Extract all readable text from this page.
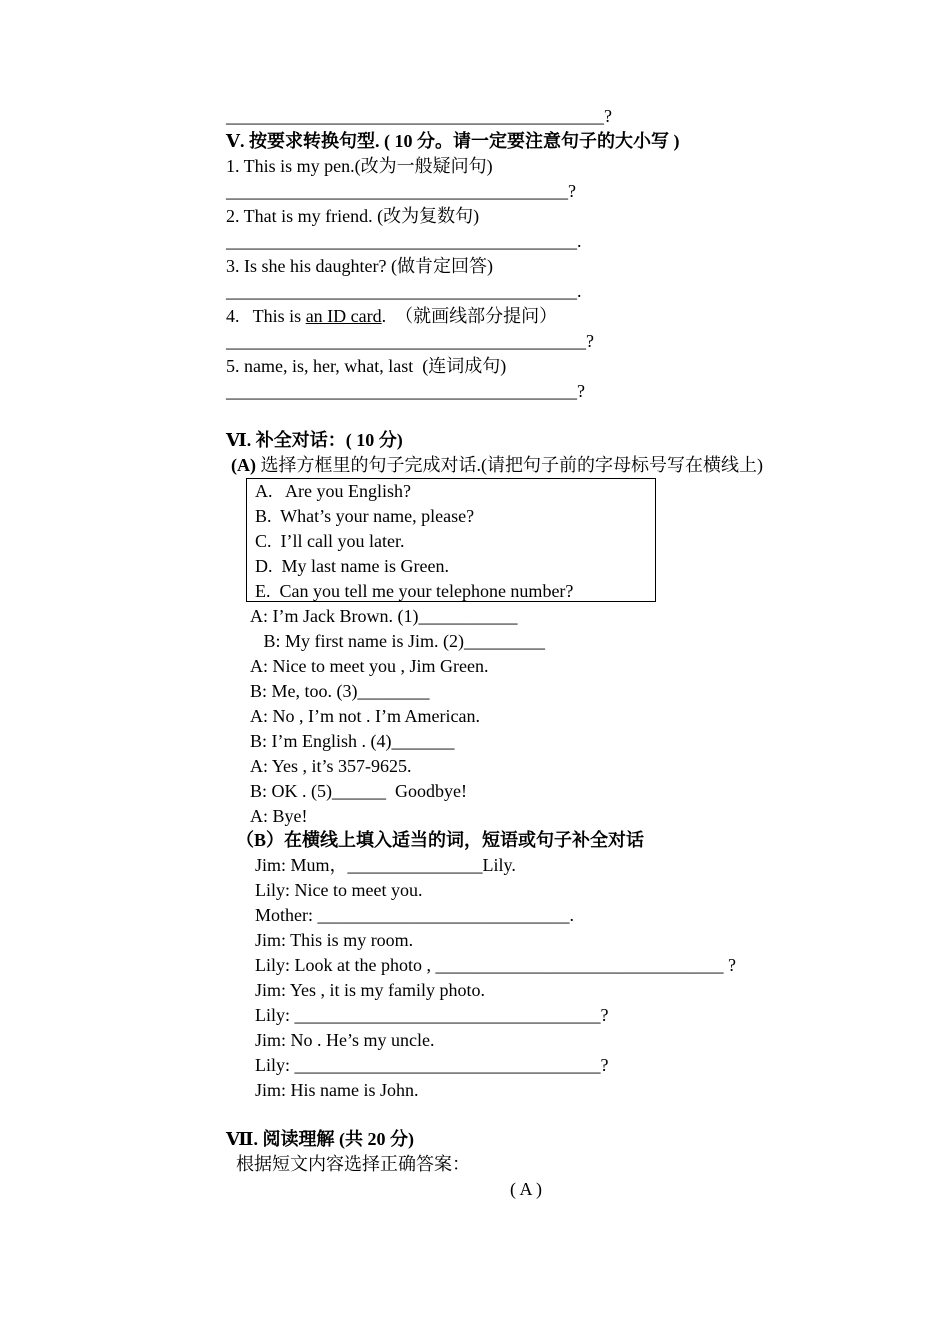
__________________________________________?
Ⅴ. 按要求转换句型. ( 10 分。请一定要注意句子的大小写 )
1. This is my pen.(改为一般疑问句)
______________________________________?
2. That is my friend. (改为复数句)
_______________________________________.
3. Is she his daughter? (做肯定回答)
_______________________________________.
4.   This is an ID card.  （就画线部分提问）
________________________________________?
5. name, is, her, what, last  (连词成句)
_______________________________________?
Ⅵ. 补全对话：( 10 分)
(A) 选择方框里的句子完成对话.(请把句子前的字母标号写在横线上)
A.   Are you English?
B.  What’s your name, please?
C.  I’ll call you later.
D.  My last name is Green.
E.  Can you tell me your telephone number?
A: I’m Jack Brown. (1)___________
B: My first name is Jim. (2)_________
A: Nice to meet you , Jim Green.
B: Me, too. (3)________
A: No , I’m not . I’m American.
B: I’m English . (4)_______
A: Yes , it’s 357-9625.
B: OK . (5)______  Goodbye!
A: Bye!
（B）在横线上填入适当的词，短语或句子补全对话
Jim: Mum，_______________Lily.
Lily: Nice to meet you.
Mother: ____________________________.
Jim: This is my room.
Lily: Look at the photo , ________________________________ ?
Jim: Yes , it is my family photo.
Lily: __________________________________?
Jim: No . He’s my uncle.
Lily: __________________________________?
Jim: His name is John.
Ⅶ. 阅读理解 (共 20 分)
根据短文内容选择正确答案：
( A )
